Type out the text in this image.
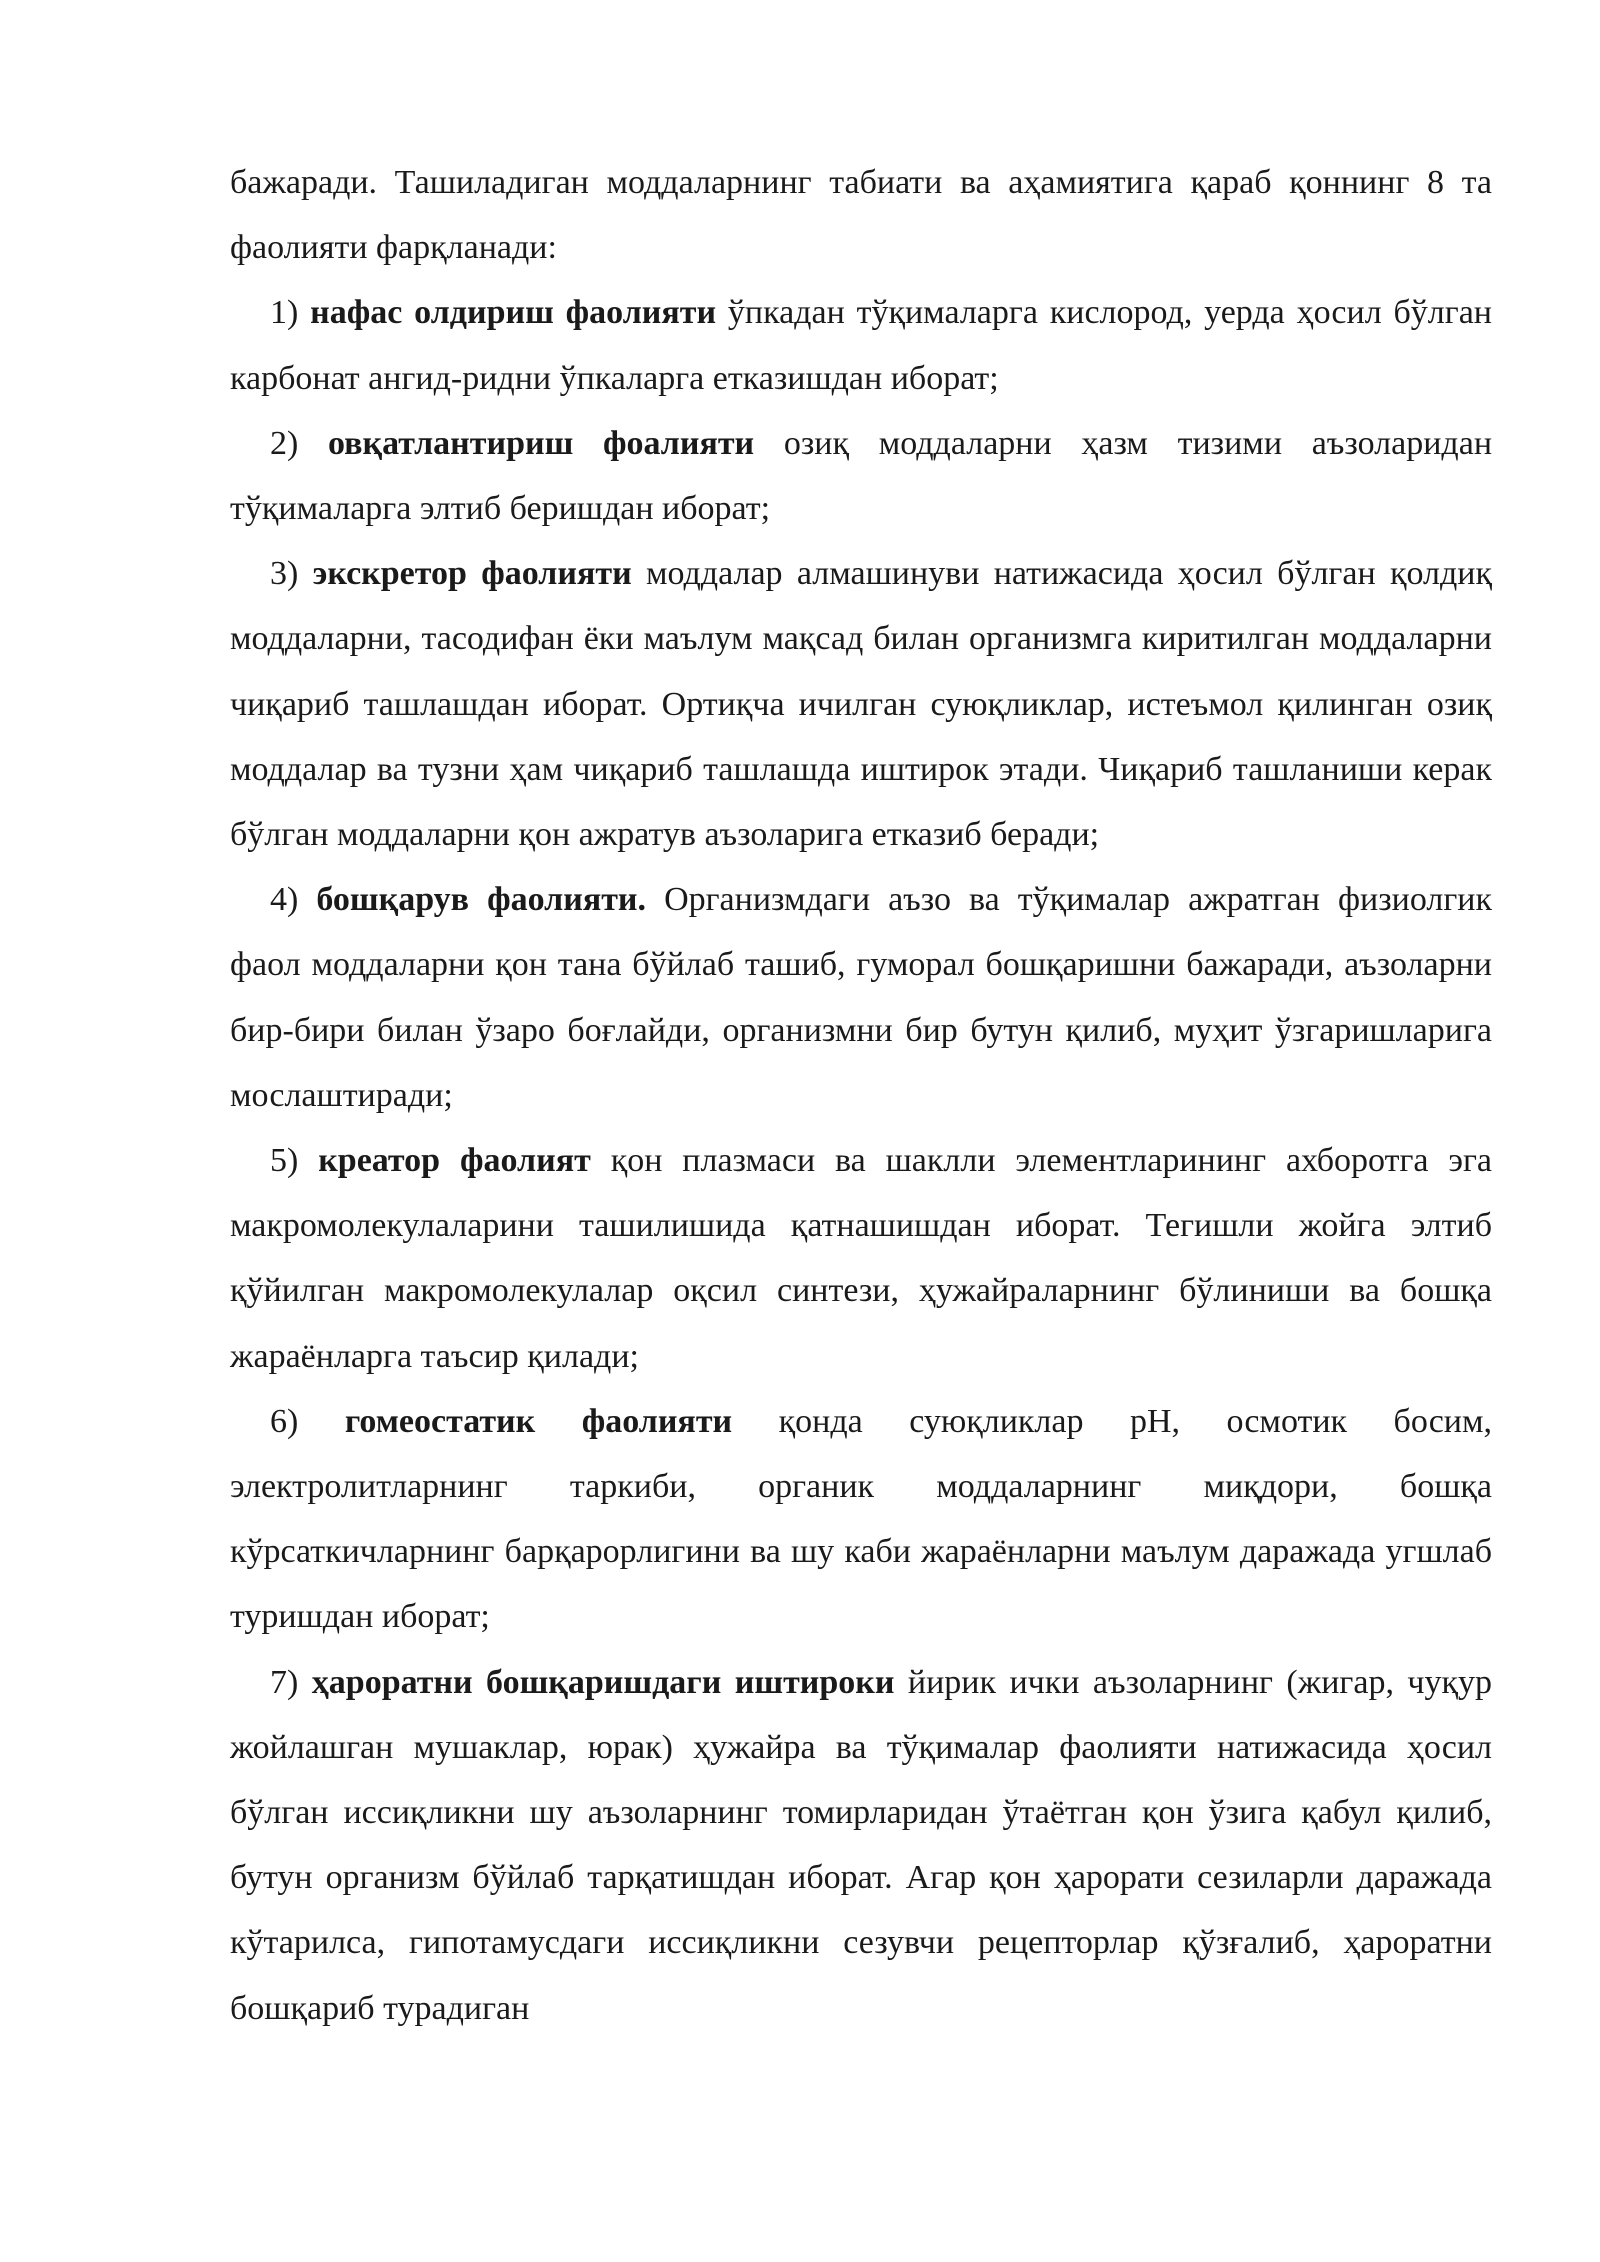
бажаради. Ташиладиган моддаларнинг табиати ва аҳамиятига қараб қоннинг 8 та фаолияти фарқланади:

1) нафас олдириш фаолияти ўпкадан тўқималарга кислород, уерда ҳосил бўлган карбонат ангид-ридни ўпкаларга етказишдан иборат;

2) овқатлантириш фоалияти озиқ моддаларни ҳазм тизими аъзоларидан тўқималарга элтиб беришдан иборат;

3) экскретор фаолияти моддалар алмашинуви натижасида ҳосил бўлган қолдиқ моддаларни, тасодифан ёки маълум мақсад билан организмга киритилган моддаларни чиқариб ташлашдан иборат. Ортиқча ичилган суюқликлар, истеъмол қилинган озиқ моддалар ва тузни ҳам чиқариб ташлашда иштирок этади. Чиқариб ташланиши керак бўлган моддаларни қон ажратув аъзоларига етказиб беради;

4) бошқарув фаолияти. Организмдаги аъзо ва тўқималар ажратган физиолгик фаол моддаларни қон тана бўйлаб ташиб, гуморал бошқаришни бажаради, аъзоларни бир-бири билан ўзаро боғлайди, организмни бир бутун қилиб, муҳит ўзгаришларига мослаштиради;

5) креатор фаолият қон плазмаси ва шаклли элементларининг ахборотга эга макромолекулаларини ташилишида қатнашишдан иборат. Тегишли жойга элтиб қўйилган макромолекулалар оқсил синтези, ҳужайраларнинг бўлиниши ва бошқа жараёнларга таъсир қилади;

6) гомеостатик фаолияти қонда суюқликлар рН, осмотик босим, электролитларнинг таркиби, органик моддаларнинг миқдори, бошқа кўрсаткичларнинг барқарорлигини ва шу каби жараёнларни маълум даражада угшлаб туришдан иборат;

7) ҳароратни бошқаришдаги иштироки йирик ички аъзоларнинг (жигар, чуқур жойлашган мушаклар, юрак) ҳужайра ва тўқималар фаолияти натижасида ҳосил бўлган иссиқликни шу аъзоларнинг томирларидан ўтаётган қон ўзига қабул қилиб, бутун организм бўйлаб тарқатишдан иборат. Агар қон ҳарорати сезиларли даражада кўтарилса, гипотамусдаги иссиқликни сезувчи рецепторлар қўзғалиб, ҳароратни бошқариб турадиган
